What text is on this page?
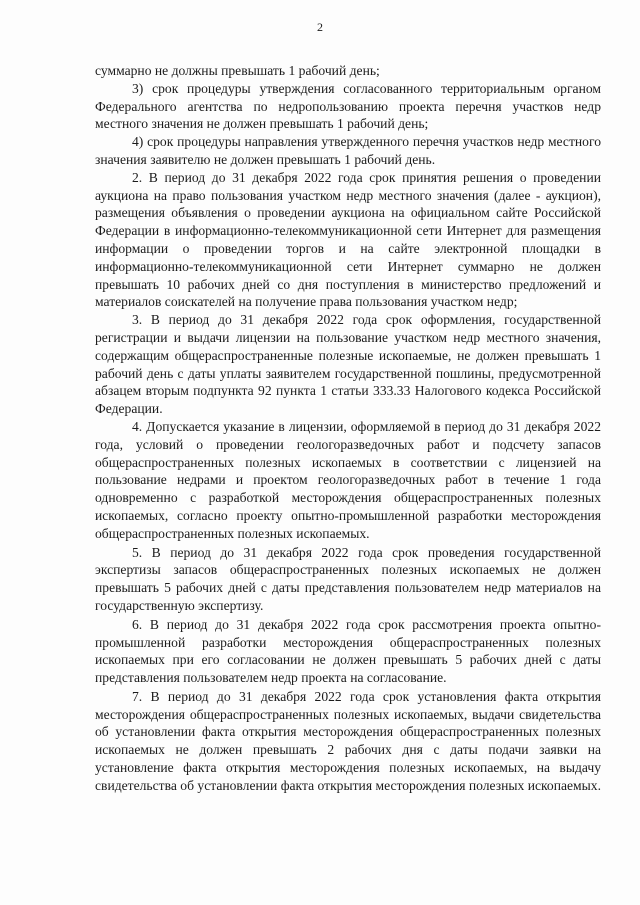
2

суммарно не должны превышать 1 рабочий день;

3) срок процедуры утверждения согласованного территориальным органом Федерального агентства по недропользованию проекта перечня участков недр местного значения не должен превышать 1 рабочий день;

4) срок процедуры направления утвержденного перечня участков недр местного значения заявителю не должен превышать 1 рабочий день.

2. В период до 31 декабря 2022 года срок принятия решения о проведении аукциона на право пользования участком недр местного значения (далее - аукцион), размещения объявления о проведении аукциона на официальном сайте Российской Федерации в информационно-телекоммуникационной сети Интернет для размещения информации о проведении торгов и на сайте электронной площадки в информационно-телекоммуникационной сети Интернет суммарно не должен превышать 10 рабочих дней со дня поступления в министерство предложений и материалов соискателей на получение права пользования участком недр;

3. В период до 31 декабря 2022 года срок оформления, государственной регистрации и выдачи лицензии на пользование участком недр местного значения, содержащим общераспространенные полезные ископаемые, не должен превышать 1 рабочий день с даты уплаты заявителем государственной пошлины, предусмотренной абзацем вторым подпункта 92 пункта 1 статьи 333.33 Налогового кодекса Российской Федерации.

4. Допускается указание в лицензии, оформляемой в период до 31 декабря 2022 года, условий о проведении геологоразведочных работ и подсчету запасов общераспространенных полезных ископаемых в соответствии с лицензией на пользование недрами и проектом геологоразведочных работ в течение 1 года одновременно с разработкой месторождения общераспространенных полезных ископаемых, согласно проекту опытно-промышленной разработки месторождения общераспространенных полезных ископаемых.

5. В период до 31 декабря 2022 года срок проведения государственной экспертизы запасов общераспространенных полезных ископаемых не должен превышать 5 рабочих дней с даты представления пользователем недр материалов на государственную экспертизу.

6. В период до 31 декабря 2022 года срок рассмотрения проекта опытно-промышленной разработки месторождения общераспространенных полезных ископаемых при его согласовании не должен превышать 5 рабочих дней с даты представления пользователем недр проекта на согласование.

7. В период до 31 декабря 2022 года срок установления факта открытия месторождения общераспространенных полезных ископаемых, выдачи свидетельства об установлении факта открытия месторождения общераспространенных полезных ископаемых не должен превышать 2 рабочих дня с даты подачи заявки на установление факта открытия месторождения полезных ископаемых, на выдачу свидетельства об установлении факта открытия месторождения полезных ископаемых.
